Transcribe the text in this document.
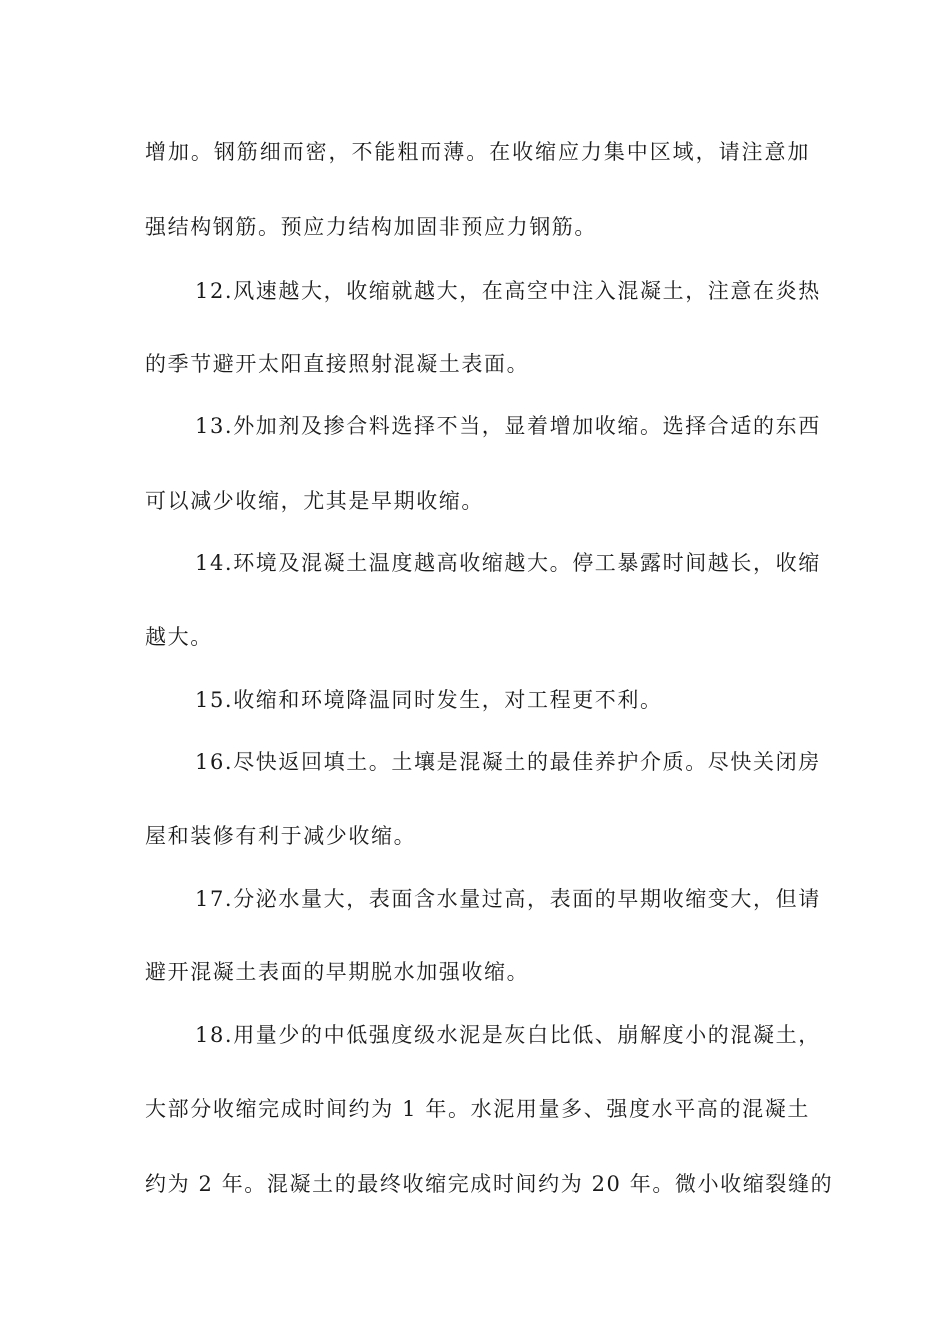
增加。钢筋细而密，不能粗而薄。在收缩应力集中区域，请注意加
强结构钢筋。预应力结构加固非预应力钢筋。
12.风速越大，收缩就越大，在高空中注入混凝土，注意在炎热
的季节避开太阳直接照射混凝土表面。
13.外加剂及掺合料选择不当，显着增加收缩。选择合适的东西
可以减少收缩，尤其是早期收缩。
14.环境及混凝土温度越高收缩越大。停工暴露时间越长，收缩
越大。
15.收缩和环境降温同时发生，对工程更不利。
16.尽快返回填土。土壤是混凝土的最佳养护介质。尽快关闭房
屋和装修有利于减少收缩。
17.分泌水量大，表面含水量过高，表面的早期收缩变大，但请
避开混凝土表面的早期脱水加强收缩。
18.用量少的中低强度级水泥是灰白比低、崩解度小的混凝土，
大部分收缩完成时间约为 1 年。水泥用量多、强度水平高的混凝土
约为 2 年。混凝土的最终收缩完成时间约为 20 年。微小收缩裂缝的
